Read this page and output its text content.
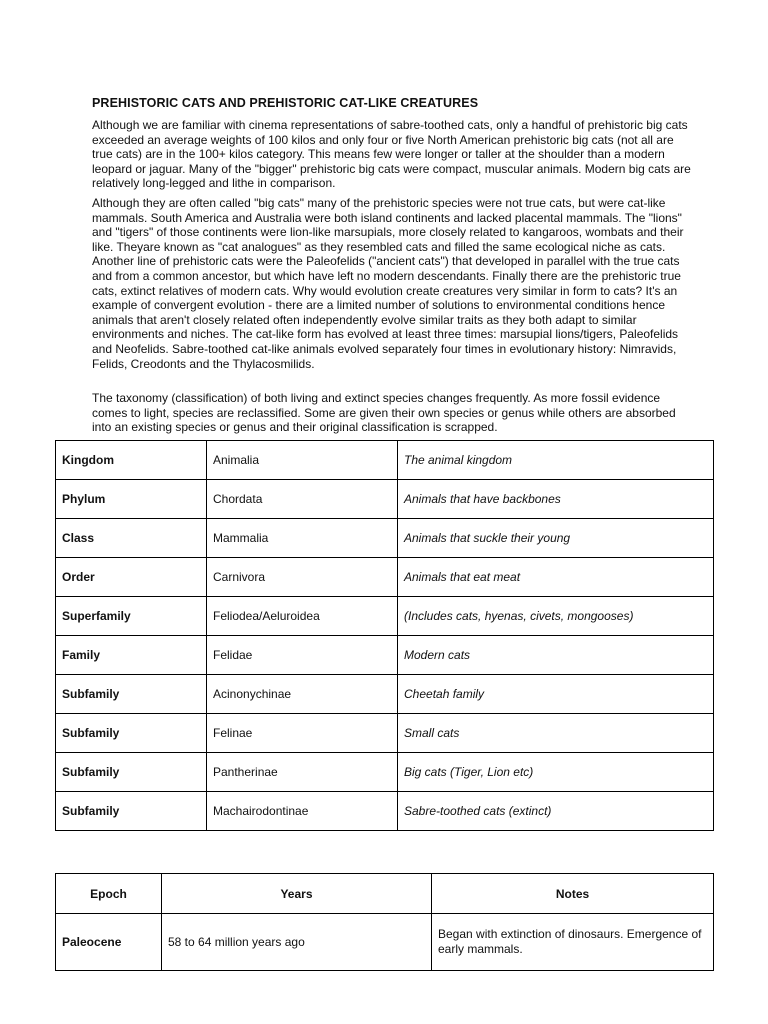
PREHISTORIC CATS AND PREHISTORIC CAT-LIKE CREATURES

Although we are familiar with cinema representations of sabre-toothed cats, only a handful of prehistoric big cats exceeded an average weights of 100 kilos and only four or five North American prehistoric big cats (not all are true cats) are in the 100+ kilos category. This means few were longer or taller at the shoulder than a modern leopard or jaguar. Many of the "bigger" prehistoric big cats were compact, muscular animals. Modern big cats are relatively long-legged and lithe in comparison.

Although they are often called "big cats" many of the prehistoric species were not true cats, but were cat-like mammals. South America and Australia were both island continents and lacked placental mammals. The "lions" and "tigers" of those continents were lion-like marsupials, more closely related to kangaroos, wombats and their like. Theyare known as "cat analogues" as they resembled cats and filled the same ecological niche as cats. Another line of prehistoric cats were the Paleofelids ("ancient cats") that developed in parallel with the true cats and from a common ancestor, but which have left no modern descendants. Finally there are the prehistoric true cats, extinct relatives of modern cats. Why would evolution create creatures very similar in form to cats? It's an example of convergent evolution - there are a limited number of solutions to environmental conditions hence animals that aren't closely related often independently evolve similar traits as they both adapt to similar environments and niches. The cat-like form has evolved at least three times: marsupial lions/tigers, Paleofelids and Neofelids. Sabre-toothed cat-like animals evolved separately four times in evolutionary history: Nimravids, Felids, Creodonts and the Thylacosmilids.

The taxonomy (classification) of both living and extinct species changes frequently. As more fossil evidence comes to light, species are reclassified. Some are given their own species or genus while others are absorbed into an existing species or genus and their original classification is scrapped.

Kingdom	Animalia	The animal kingdom
Phylum	Chordata	Animals that have backbones
Class	Mammalia	Animals that suckle their young
Order	Carnivora	Animals that eat meat
Superfamily	Feliodea/Aeluroidea	(Includes cats, hyenas, civets, mongooses)
Family	Felidae	Modern cats
Subfamily	Acinonychinae	Cheetah family
Subfamily	Felinae	Small cats
Subfamily	Pantherinae	Big cats (Tiger, Lion etc)
Subfamily	Machairodontinae	Sabre-toothed cats (extinct)
Epoch	Years	Notes
Paleocene	58 to 64 million years ago	Began with extinction of dinosaurs. Emergence of early mammals.
